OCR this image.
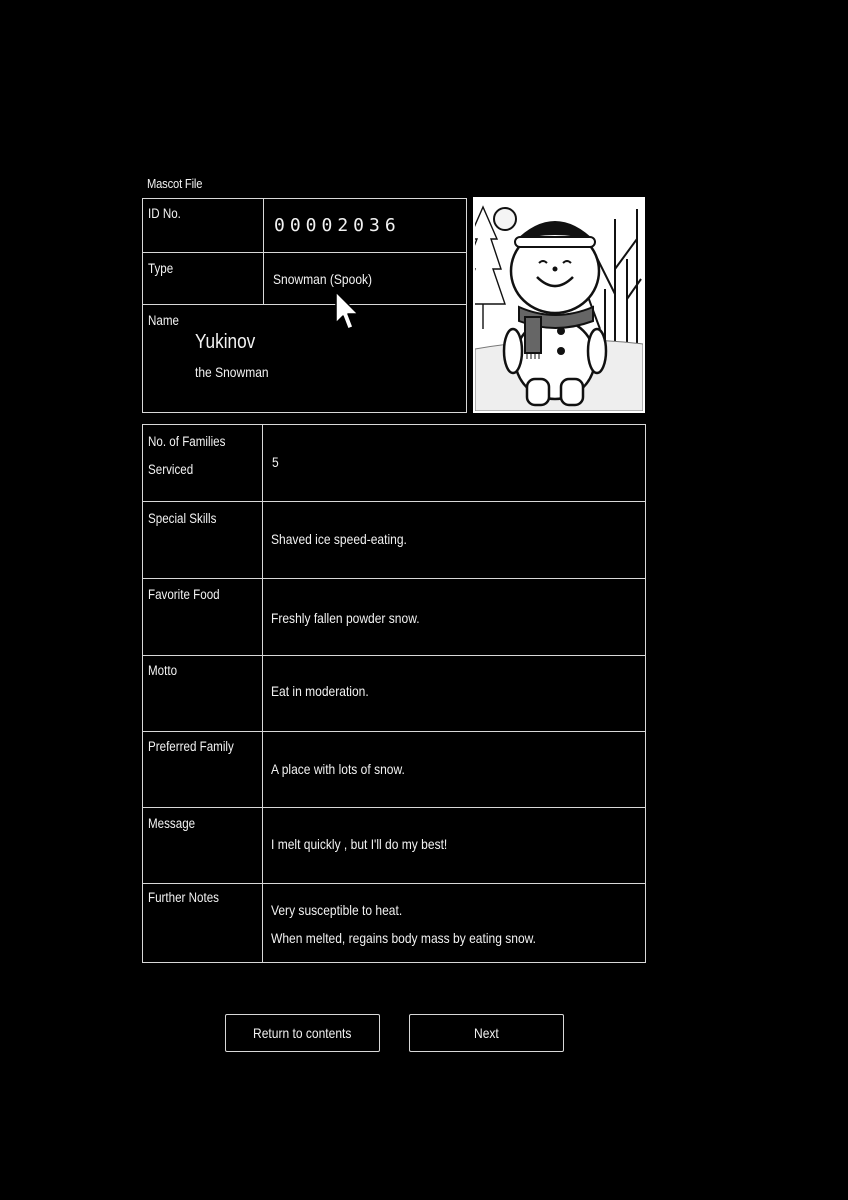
Mascot File
ID No.
00002036
Type
Snowman (Spook)
Name
Yukinov
the Snowman
No. of Families
Serviced	5
Special Skills
Shaved ice speed-eating.
Favorite Food
Freshly fallen powder snow.
Motto
Eat in moderation.
Preferred Family
A place with lots of snow.
Message
I melt quickly , but I'll do my best!
Further Notes
Very susceptible to heat.
When melted, regains body mass by eating snow.
Return to contents	Next
